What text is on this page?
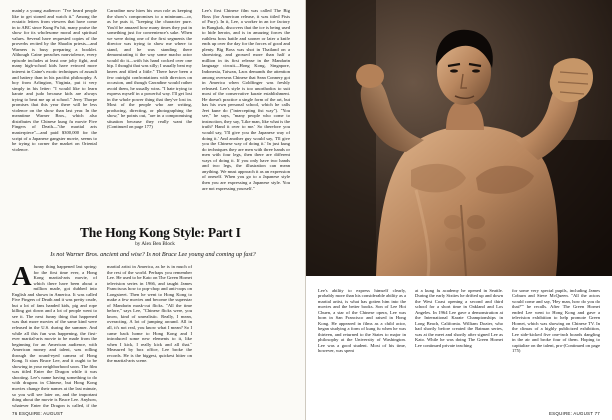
mainly a young audience: "I've heard people like to get stoned and watch it." Among the ecstatic letters from viewers that have come in to ABC since Kung Fu hit, many praise the show for its wholesome moral and spiritual values. Several have requested copies of the proverbs recited by the Shaolin priests—and Warners is busy preparing a booklet. Although Caine preaches nonviolence, every episode includes at least one jolty fight, and many high-school kids have evinced more interest in Caine's exotic techniques of assault and battery than in his pacifist philosophy. A boy from Arlington, Virginia, put it very simply in his letter: "I would like to learn karate and judo because kids are always trying to beat me up at school." Jerry Thorpe promises that this year there will be less violence on the show than last year. In the meantime Warner Bros., which also distributes the Chinese kung fu movie Five Fingers of Death—"the martial arts masterpiece"—and paid $300,000 for the script of a Japanese gangster movie, seems to be trying to corner the market on Oriental violence.

Carradine now hires his own role as keeping the show's compromises to a minimum—or, as he puts it, "keeping the character pure. You'd be amazed how many times they put in something just for convenience's sake. When we were doing one of the first segments the director was trying to show me where to stand, and he was standing there demonstrating it the way some macho actor would do it—with his hand cocked over one hip. I thought that was silly; I usually beat my knees and tilted a little." There have been a few outright confrontations with directors on occasion, and though Carradine would rather avoid them, he usually wins. "I hate trying to express myself in a powerful way. I'll get lost in the whole power thing that they've lost in. Most of the people who are writing, producing, directing, or photographing the show," he points out, "are in a compromising situation because they really want the (Continued on page 177)

Lee's first Chinese film was called The Big Boss (for American release, it was titled Fists of Fury). In it, Lee, a worker in an ice factory in Bangkok, discovers that the ice is being used to hide heroin, and is in amazing forces the ruthless boss battle and sooner or later a knife ends up over the day for the forces of good and plenty. Big Boss was shot in Thailand on a shoestring, and grossed more than half a million in its first release in the Mandarin language circuit—Hong Kong, Singapore, Indonesia, Taiwan, Laos demands the attention among overseas Chinese that Sean Connery got in America when Goldfinger was freshly released. Lee's style is too unorthodox to suit most of the conservative karate establishment. He doesn't practice a single form of the art, but has his own personal school, which he calls Jeet kune do ("intercepting fist way"). "You see," he says, "many people who come to instruction, they say, 'Like man, like what is the truth? Hand it over to me.' So therefore you would say, 'I'll give you the Japanese way of doing it.' And another guy would say, 'I'll give you the Chinese way of doing it.' In just kung do techniques they are men with three hands or men with four legs, then there are different ways of doing it. If you only have two hands and two legs, the illustration can mean anything. We must approach it as an expression of oneself. When you go to a Japanese style then you are expressing a Japanese style. You are not expressing yourself."

The Hong Kong Style: Part I
by Alex Ben Block
Is not Warner Bros. ancient and wise? Is not Bruce Lee young and coming up fast?
A funny thing happened last spring: for the first time ever, a Hong Kong martial-arts movie, of which there have been about a million made, got dubbed into English and shown in America. It was called Five Fingers of Death and it was pretty crude, but a lot of fans handed kids, pig and rope killing got down and a lot of people went to see it. The next funny thing that happened was that more movies of the same kind were released in the U.S. during the summer. And while all this fun was happening, the first-ever martial-arts movie to be made from the beginning for an American audience, with American money and talent, was rolling through the round-eyed camera of Hong Kong. It stars Bruce Lee, and it ought to be showing in your neighborhood soon. The film was titled Enter the Dragon while it was shooting. Lee's name having something to do with dragons in Chinese, but Hong Kong movies change their names at the last minute, so you will see later on, and the important thing about the movie is Bruce Lee. Anyhow, whatever Enter the Dragon is called, if the

martial artist in America, as he is in much of the rest of the world. Perhaps you remember Lee. He used to be Kato on The Green Hornet television series in 1966, and taught James Franciscus how to pop-chop and anti-oops on Longstreet. Then he went to Hong Kong to make a few movies and become the superstar of Mandarin mask-cut flicks. "All the time before," says Lee, "Chinese flicks were, you know, kind of unrealistic. Really, I mean, overacting. A lot of jumping around. All in all, it's not real, you know what I mean? So I came back home to Hong Kong and I introduced some new elements to it, like when I kick, I really kick and all that." Measured by box office, Lee broke the records. He is the biggest, quickest hitter on the martial-arts scene.

76 ESQUIRE: AUGUST

Lee's ability to express himself clearly, probably more than his considerable ability as a martial artist, is what has gotten him into the movies and the better books. Son of Lee Hoi Chuen, a star of the Chinese opera, Lee was born in San Francisco and raised in Hong Kong. He appeared in films as a child actor, began studying a form of kung fu when he was thirteen, and returned to the States to major in philosophy at the University of Washington. Lee was a good student. Most of his time, however, was spent

at a kung fu academy he opened in Seattle. During the early Sixties he drifted up and down the West Coast opening a second and third school for a short time in Oakland and Los Angeles. In 1964 Lee gave a demonstration at the International Karate Championships in Long Beach, California. William Dozier, who had shortly before created the Batman series, was at the meet and shortly after signed Lee as Kato. While he was doing The Green Hornet Lee continued private teaching

for some very special pupils, including James Coburn and Steve McQueen. "All the actors would come and say, 'Hey man, how do you do that?'" he recalls. After The Green Hornet ended Lee went to Hong Kong and gave a television exhibition to help promote Green Hornet, which was showing on Chinese TV. In the climax of a highly publicized exhibition, Lee side-kicked five one-inch boards dangling in the air and broke four of them. Hoping to capitalize on the talent, pro-(Continued on page 175)

ESQUIRE: AUGUST 77
